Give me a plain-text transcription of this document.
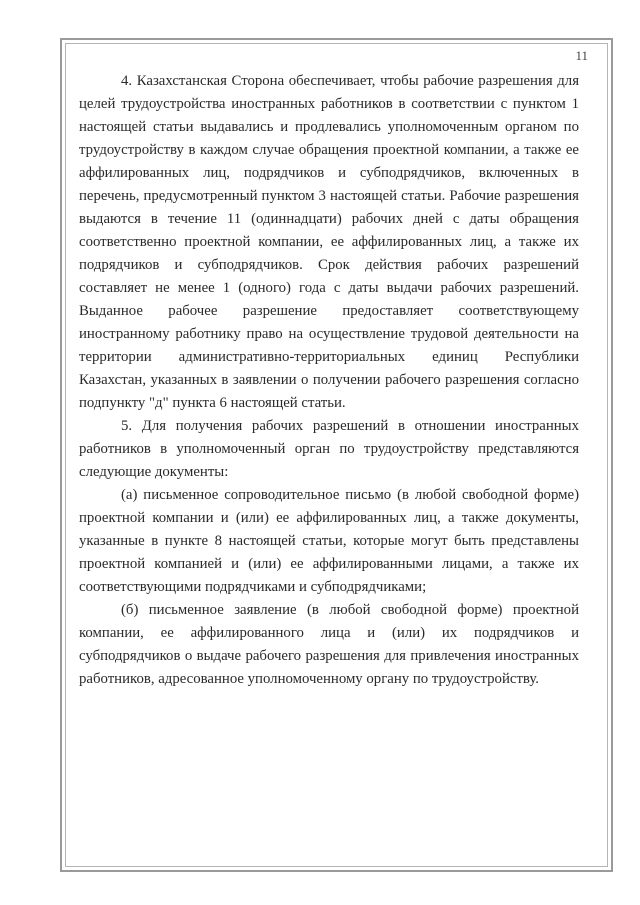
11

4. Казахстанская Сторона обеспечивает, чтобы рабочие разрешения для целей трудоустройства иностранных работников в соответствии с пунктом 1 настоящей статьи выдавались и продлевались уполномоченным органом по трудоустройству в каждом случае обращения проектной компании, а также ее аффилированных лиц, подрядчиков и субподрядчиков, включенных в перечень, предусмотренный пунктом 3 настоящей статьи. Рабочие разрешения выдаются в течение 11 (одиннадцати) рабочих дней с даты обращения соответственно проектной компании, ее аффилированных лиц, а также их подрядчиков и субподрядчиков. Срок действия рабочих разрешений составляет не менее 1 (одного) года с даты выдачи рабочих разрешений. Выданное рабочее разрешение предоставляет соответствующему иностранному работнику право на осуществление трудовой деятельности на территории административно-территориальных единиц Республики Казахстан, указанных в заявлении о получении рабочего разрешения согласно подпункту "д" пункта 6 настоящей статьи.

5. Для получения рабочих разрешений в отношении иностранных работников в уполномоченный орган по трудоустройству представляются следующие документы:

(а) письменное сопроводительное письмо (в любой свободной форме) проектной компании и (или) ее аффилированных лиц, а также документы, указанные в пункте 8 настоящей статьи, которые могут быть представлены проектной компанией и (или) ее аффилированными лицами, а также их соответствующими подрядчиками и субподрядчиками;

(б) письменное заявление (в любой свободной форме) проектной компании, ее аффилированного лица и (или) их подрядчиков и субподрядчиков о выдаче рабочего разрешения для привлечения иностранных работников, адресованное уполномоченному органу по трудоустройству.
